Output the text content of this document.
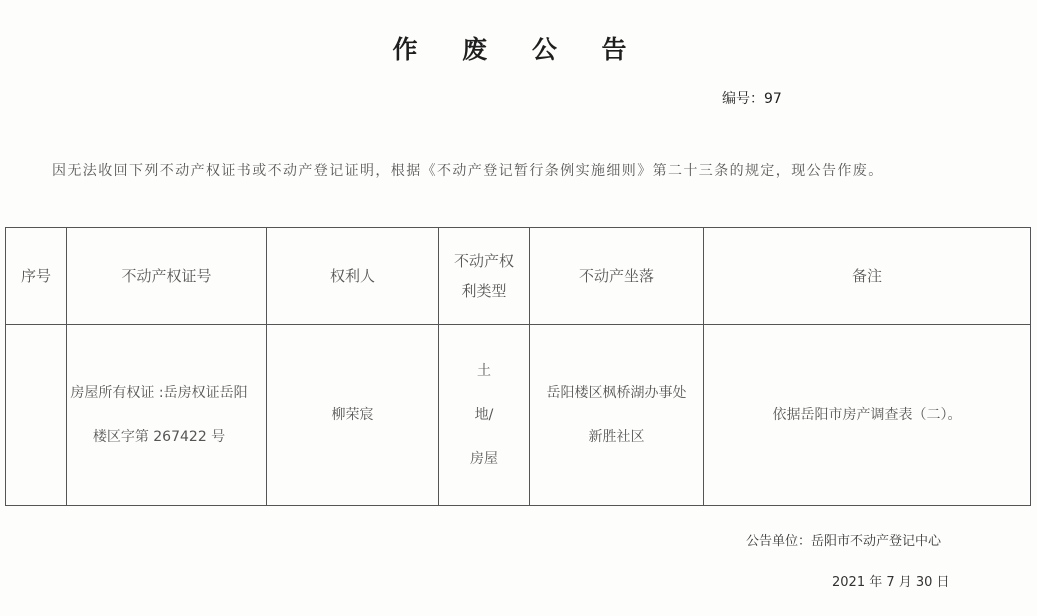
作 废 公 告
编号：97
因无法收回下列不动产权证书或不动产登记证明，根据《不动产登记暂行条例实施细则》第二十三条的规定，现公告作废。
序号	不动产权证号	权利人	不动产权利类型	不动产坐落	备注

	房屋所有权证 :岳房权证岳阳楼区字第 267422 号	柳荣宸	土地/房屋	岳阳楼区枫桥湖办事处新胜社区	依据岳阳市房产调查表（二）。
公告单位：岳阳市不动产登记中心
2021 年 7 月 30 日
